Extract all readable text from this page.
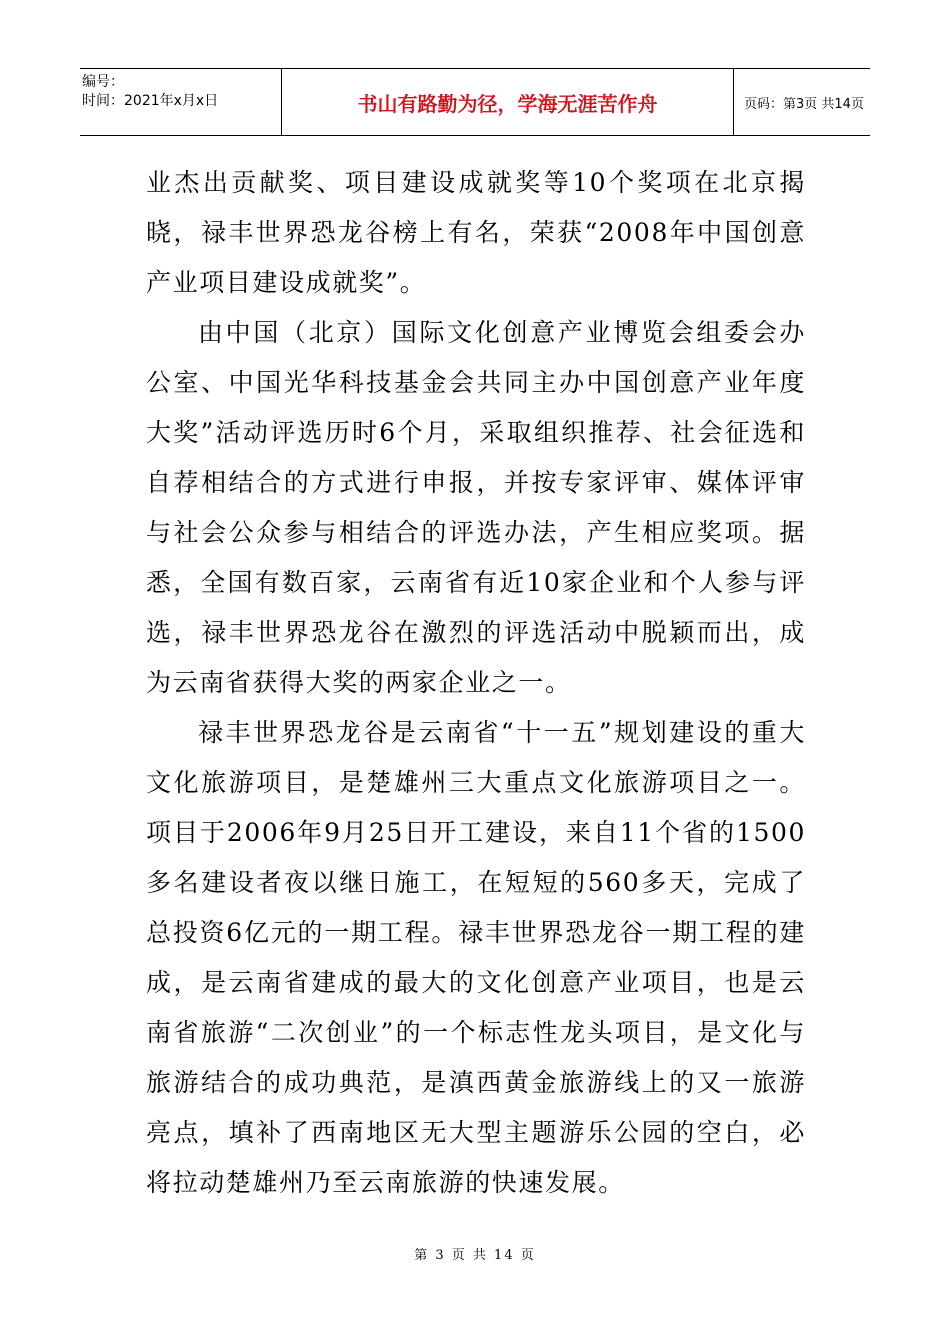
编号：
时间：2021年x月x日	书山有路勤为径，学海无涯苦作舟	页码：第3页 共14页

业杰出贡献奖、项目建设成就奖等10个奖项在北京揭晓，禄丰世界恐龙谷榜上有名，荣获“2008年中国创意产业项目建设成就奖”。

由中国（北京）国际文化创意产业博览会组委会办公室、中国光华科技基金会共同主办中国创意产业年度大奖”活动评选历时6个月，采取组织推荐、社会征选和自荐相结合的方式进行申报，并按专家评审、媒体评审与社会公众参与相结合的评选办法，产生相应奖项。据悉，全国有数百家，云南省有近10家企业和个人参与评选，禄丰世界恐龙谷在激烈的评选活动中脱颖而出，成为云南省获得大奖的两家企业之一。

禄丰世界恐龙谷是云南省“十一五”规划建设的重大文化旅游项目，是楚雄州三大重点文化旅游项目之一。项目于2006年9月25日开工建设，来自11个省的1500多名建设者夜以继日施工，在短短的560多天，完成了总投资6亿元的一期工程。禄丰世界恐龙谷一期工程的建成，是云南省建成的最大的文化创意产业项目，也是云南省旅游“二次创业”的一个标志性龙头项目，是文化与旅游结合的成功典范，是滇西黄金旅游线上的又一旅游亮点，填补了西南地区无大型主题游乐公园的空白，必将拉动楚雄州乃至云南旅游的快速发展。

第 3 页 共 14 页
